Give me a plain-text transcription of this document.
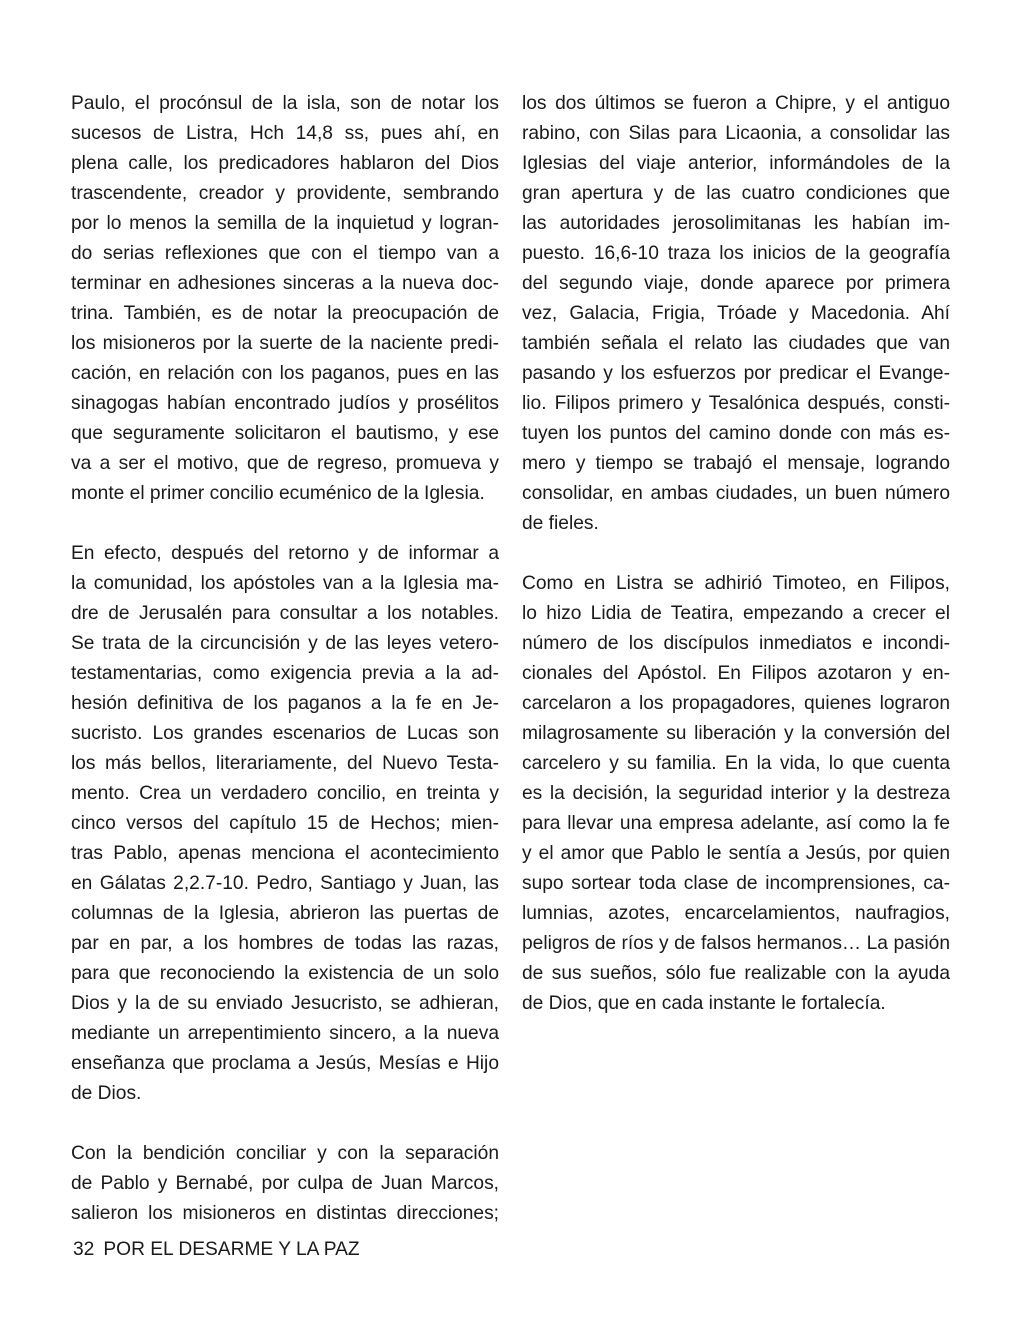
Paulo, el procónsul de la isla, son de notar los
sucesos de Listra, Hch 14,8 ss, pues ahí, en
plena calle, los predicadores hablaron del Dios
trascendente, creador y providente, sembrando
por lo menos la semilla de la inquietud y logran-
do serias reflexiones que con el tiempo van a
terminar en adhesiones sinceras a la nueva doc-
trina. También, es de notar la preocupación de
los misioneros por la suerte de la naciente predi-
cación, en relación con los paganos, pues en las
sinagogas habían encontrado judíos y prosélitos
que seguramente solicitaron el bautismo, y ese
va a ser el motivo, que de regreso, promueva y
monte el primer concilio ecuménico de la Iglesia.
En efecto, después del retorno y de informar a
la comunidad, los apóstoles van a la Iglesia ma-
dre de Jerusalén para consultar a los notables.
Se trata de la circuncisión y de las leyes vetero-
testamentarias, como exigencia previa a la ad-
hesión definitiva de los paganos a la fe en Je-
sucristo. Los grandes escenarios de Lucas son
los más bellos, literariamente, del Nuevo Testa-
mento. Crea un verdadero concilio, en treinta y
cinco versos del capítulo 15 de Hechos; mien-
tras Pablo, apenas menciona el acontecimiento
en Gálatas 2,2.7-10. Pedro, Santiago y Juan, las
columnas de la Iglesia, abrieron las puertas de
par en par, a los hombres de todas las razas,
para que reconociendo la existencia de un solo
Dios y la de su enviado Jesucristo, se adhieran,
mediante un arrepentimiento sincero, a la nueva
enseñanza que proclama a Jesús, Mesías e Hijo
de Dios.
Con la bendición conciliar y con la separación
de Pablo y Bernabé, por culpa de Juan Marcos,
salieron los misioneros en distintas direcciones;
los dos últimos se fueron a Chipre, y el antiguo
rabino, con Silas para Licaonia, a consolidar las
Iglesias del viaje anterior, informándoles de la
gran apertura y de las cuatro condiciones que
las autoridades jerosolimitanas les habían im-
puesto. 16,6-10 traza los inicios de la geografía
del segundo viaje, donde aparece por primera
vez, Galacia, Frigia, Tróade y Macedonia. Ahí
también señala el relato las ciudades que van
pasando y los esfuerzos por predicar el Evange-
lio. Filipos primero y Tesalónica después, consti-
tuyen los puntos del camino donde con más es-
mero y tiempo se trabajó el mensaje, logrando
consolidar, en ambas ciudades, un buen número
de fieles.
Como en Listra se adhirió Timoteo, en Filipos,
lo hizo Lidia de Teatira, empezando a crecer el
número de los discípulos inmediatos e incondi-
cionales del Apóstol. En Filipos azotaron y en-
carcelaron a los propagadores, quienes lograron
milagrosamente su liberación y la conversión del
carcelero y su familia. En la vida, lo que cuenta
es la decisión, la seguridad interior y la destreza
para llevar una empresa adelante, así como la fe
y el amor que Pablo le sentía a Jesús, por quien
supo sortear toda clase de incomprensiones, ca-
lumnias, azotes, encarcelamientos, naufragios,
peligros de ríos y de falsos hermanos… La pasión
de sus sueños, sólo fue realizable con la ayuda
de Dios, que en cada instante le fortalecía.
32 POR EL DESARME Y LA PAZ
